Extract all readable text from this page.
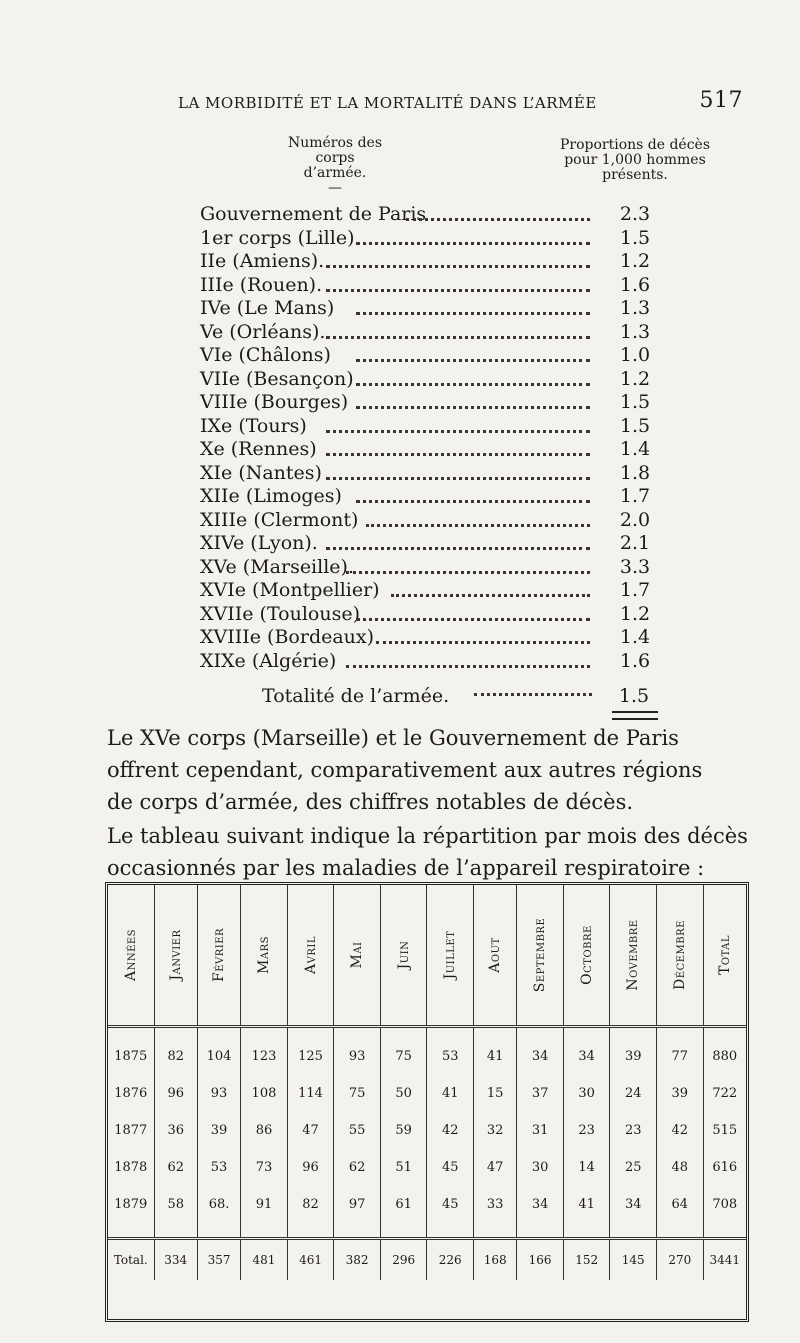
LA MORBIDITÉ ET LA MORTALITÉ DANS L’ARMÉE	517
Numéros des
corps
d’armée.
—
Proportions de décès
pour 1,000 hommes
présents.
Gouvernement de Paris	2.3
1er corps (Lille)	1.5
IIe (Amiens).	1.2
IIIe (Rouen).	1.6
IVe (Le Mans)	1.3
Ve (Orléans).	1.3
VIe (Châlons)	1.0
VIIe (Besançon)	1.2
VIIIe (Bourges)	1.5
IXe (Tours)	1.5
Xe (Rennes)	1.4
XIe (Nantes)	1.8
XIIe (Limoges)	1.7
XIIIe (Clermont)	2.0
XIVe (Lyon).	2.1
XVe (Marseille).	3.3
XVIe (Montpellier)	1.7
XVIIe (Toulouse)	1.2
XVIIIe (Bordeaux)	1.4
XIXe (Algérie)	1.6
Totalité de l’armée.	1.5
Le XVe corps (Marseille) et le Gouvernement de Paris
offrent cependant, comparativement aux autres régions
de corps d’armée, des chiffres notables de décès.
Le tableau suivant indique la répartition par mois des décès
occasionnés par les maladies de l’appareil respiratoire :
Années	Janvier	Février	Mars	Avril	Mai	Juin	Juillet	Aout	Septembre	Octobre	Novembre	Décembre	Total

1875	82	104	123	125	93	75	53	41	34	34	39	77	880
1876	96	93	108	114	75	50	41	15	37	30	24	39	722
1877	36	39	86	47	55	59	42	32	31	23	23	42	515
1878	62	53	73	96	62	51	45	47	30	14	25	48	616
1879	58	68.	91	82	97	61	45	33	34	41	34	64	708

Total.	334	357	481	461	382	296	226	168	166	152	145	270	3441
